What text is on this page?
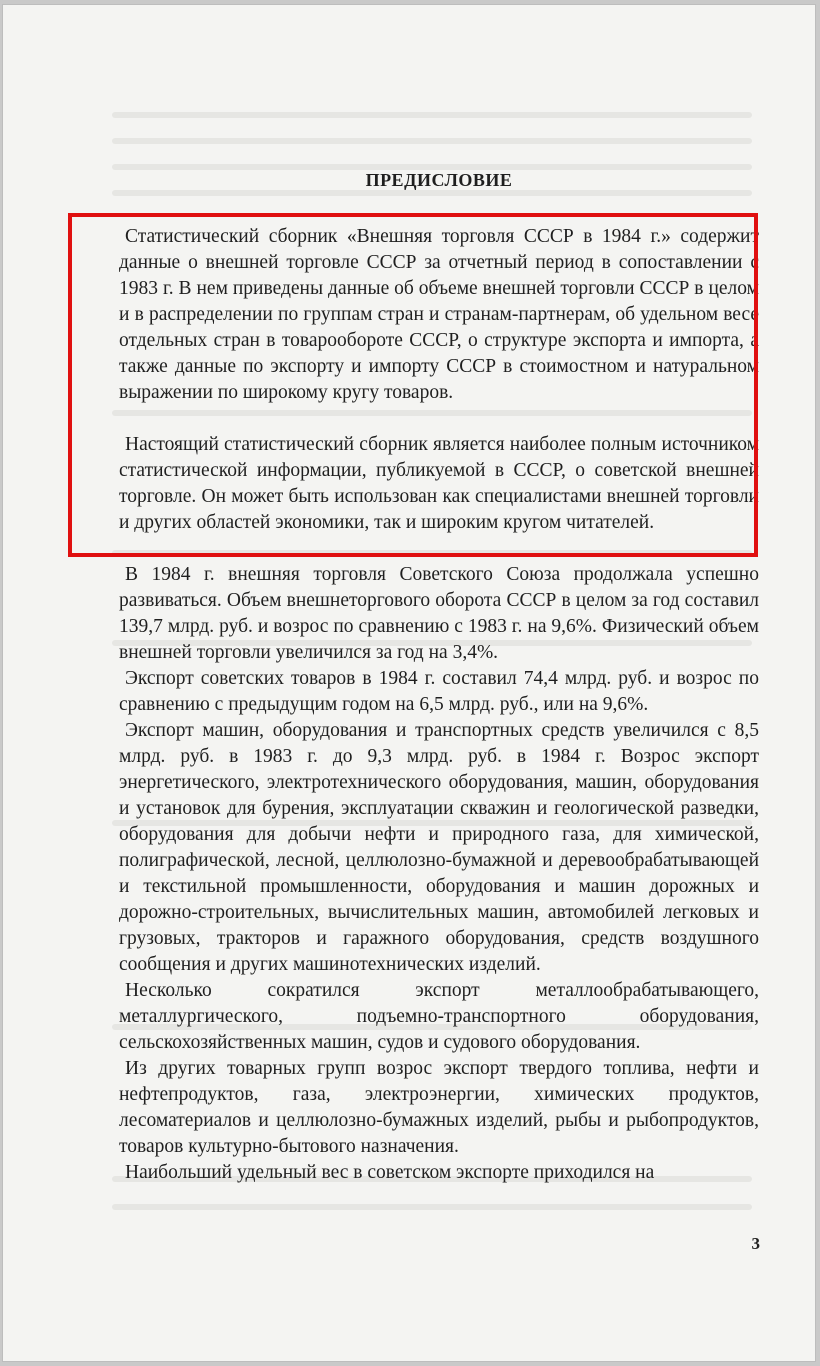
ПРЕДИСЛОВИЕ

Статистический сборник «Внешняя торговля СССР в 1984 г.» содержит данные о внешней торговле СССР за отчетный период в сопоставлении с 1983 г. В нем приведены данные об объеме внешней торговли СССР в целом и в распределении по группам стран и странам-партнерам, об удельном весе отдельных стран в товарообороте СССР, о структуре экспорта и импорта, а также данные по экспорту и импорту СССР в стоимостном и натуральном выражении по широкому кругу товаров.

Настоящий статистический сборник является наиболее полным источником статистической информации, публикуемой в СССР, о советской внешней торговле. Он может быть использован как специалистами внешней торговли и других областей экономики, так и широким кругом читателей.

В 1984 г. внешняя торговля Советского Союза продолжала успешно развиваться. Объем внешнеторгового оборота СССР в целом за год составил 139,7 млрд. руб. и возрос по сравнению с 1983 г. на 9,6%. Физический объем внешней торговли увеличился за год на 3,4%.

Экспорт советских товаров в 1984 г. составил 74,4 млрд. руб. и возрос по сравнению с предыдущим годом на 6,5 млрд. руб., или на 9,6%.

Экспорт машин, оборудования и транспортных средств увеличился с 8,5 млрд. руб. в 1983 г. до 9,3 млрд. руб. в 1984 г. Возрос экспорт энергетического, электротехнического оборудования, машин, оборудования и установок для бурения, эксплуатации скважин и геологической разведки, оборудования для добычи нефти и природного газа, для химической, полиграфической, лесной, целлюлозно-бумажной и деревообрабатывающей и текстильной промышленности, оборудования и машин дорожных и дорожно-строительных, вычислительных машин, автомобилей легковых и грузовых, тракторов и гаражного оборудования, средств воздушного сообщения и других машинотехнических изделий.

Несколько сократился экспорт металлообрабатывающего, металлургического, подъемно-транспортного оборудования, сельскохозяйственных машин, судов и судового оборудования.

Из других товарных групп возрос экспорт твердого топлива, нефти и нефтепродуктов, газа, электроэнергии, химических продуктов, лесоматериалов и целлюлозно-бумажных изделий, рыбы и рыбопродуктов, товаров культурно-бытового назначения.

Наибольший удельный вес в советском экспорте приходился на

3
